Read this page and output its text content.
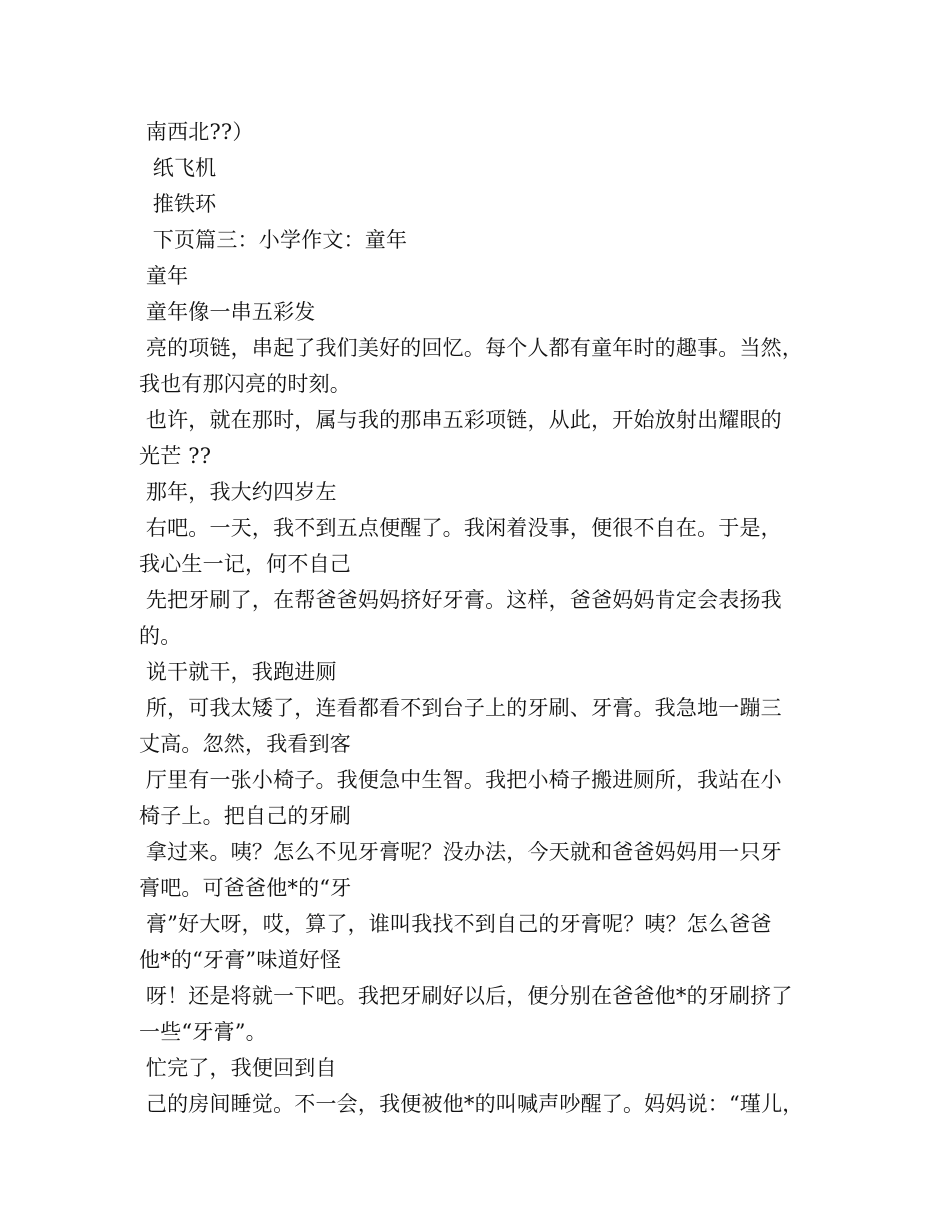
南西北??）
纸飞机
推铁环
下页篇三：小学作文：童年
童年
童年像一串五彩发
亮的项链，串起了我们美好的回忆。每个人都有童年时的趣事。当然，
我也有那闪亮的时刻。
也许，就在那时，属与我的那串五彩项链，从此，开始放射出耀眼的
光芒 ??
那年，我大约四岁左
右吧。一天，我不到五点便醒了。我闲着没事，便很不自在。于是，
我心生一记，何不自己
先把牙刷了，在帮爸爸妈妈挤好牙膏。这样，爸爸妈妈肯定会表扬我
的。
说干就干，我跑进厕
所，可我太矮了，连看都看不到台子上的牙刷、牙膏。我急地一蹦三
丈高。忽然，我看到客
厅里有一张小椅子。我便急中生智。我把小椅子搬进厕所，我站在小
椅子上。把自己的牙刷
拿过来。咦？怎么不见牙膏呢？没办法，今天就和爸爸妈妈用一只牙
膏吧。可爸爸他*的“牙
膏”好大呀，哎，算了，谁叫我找不到自己的牙膏呢？咦？怎么爸爸
他*的“牙膏”味道好怪
呀！还是将就一下吧。我把牙刷好以后，便分别在爸爸他*的牙刷挤了
一些“牙膏”。
忙完了，我便回到自
己的房间睡觉。不一会，我便被他*的叫喊声吵醒了。妈妈说：“瑾儿，
